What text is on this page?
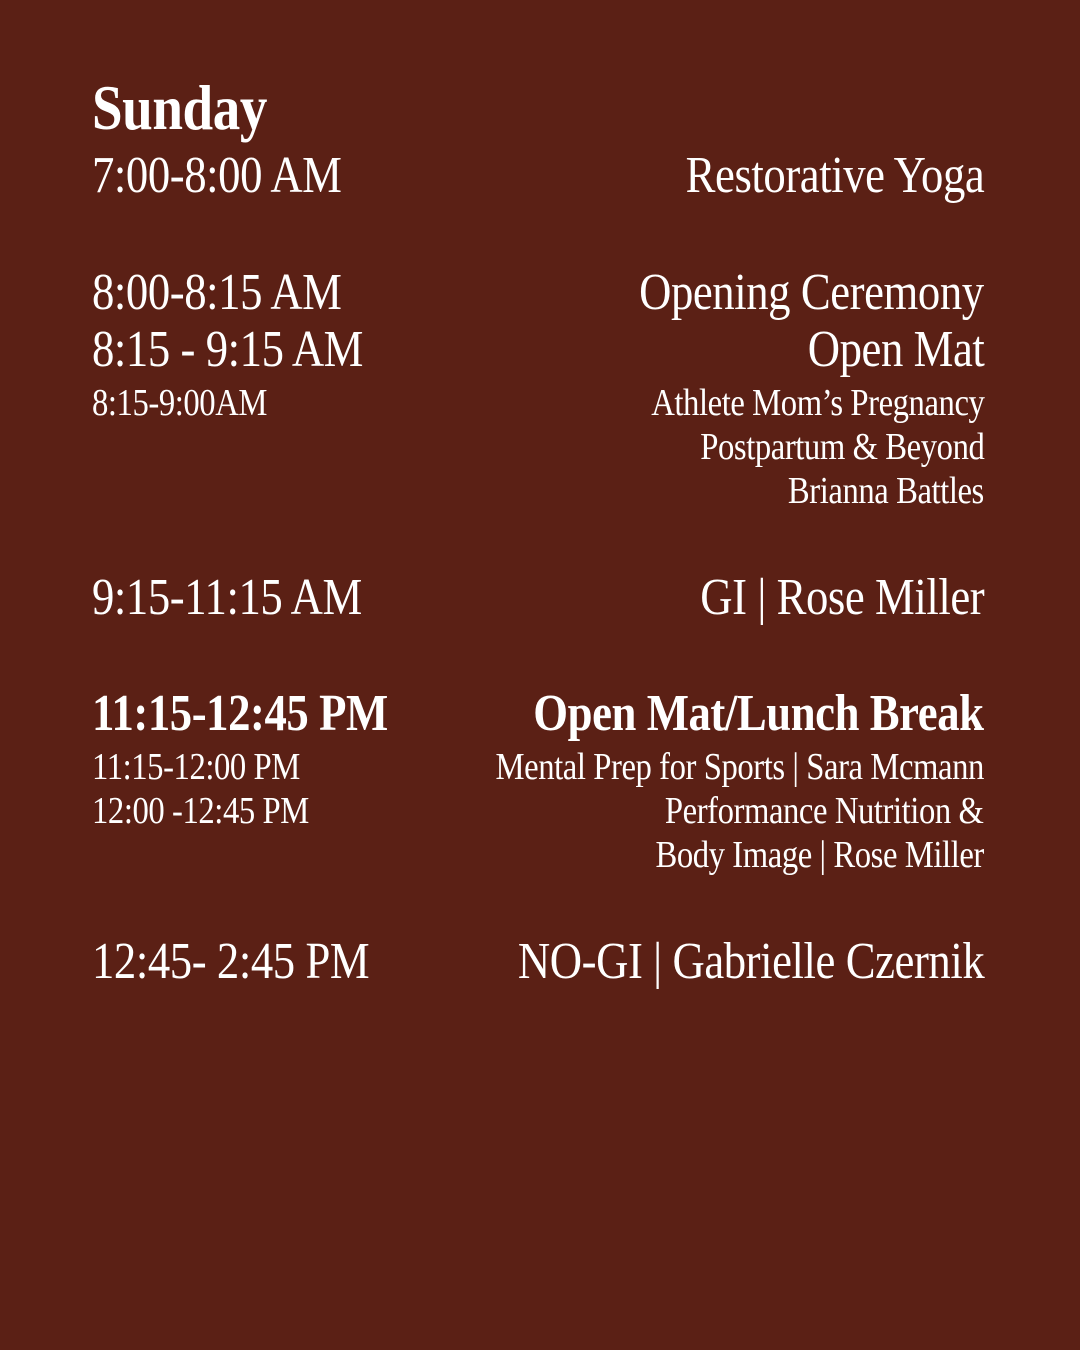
Sunday
7:00-8:00 AM	Restorative Yoga
8:00-8:15 AM	Opening Ceremony
8:15 - 9:15 AM	Open Mat
8:15-9:00AM	Athlete Mom’s Pregnancy
Postpartum & Beyond
Brianna Battles
9:15-11:15 AM	GI | Rose Miller
11:15-12:45 PM	Open Mat/Lunch Break
11:15-12:00 PM	Mental Prep for Sports | Sara Mcmann
12:00 -12:45 PM	Performance Nutrition &
Body Image | Rose Miller
12:45- 2:45 PM	NO-GI | Gabrielle Czernik
